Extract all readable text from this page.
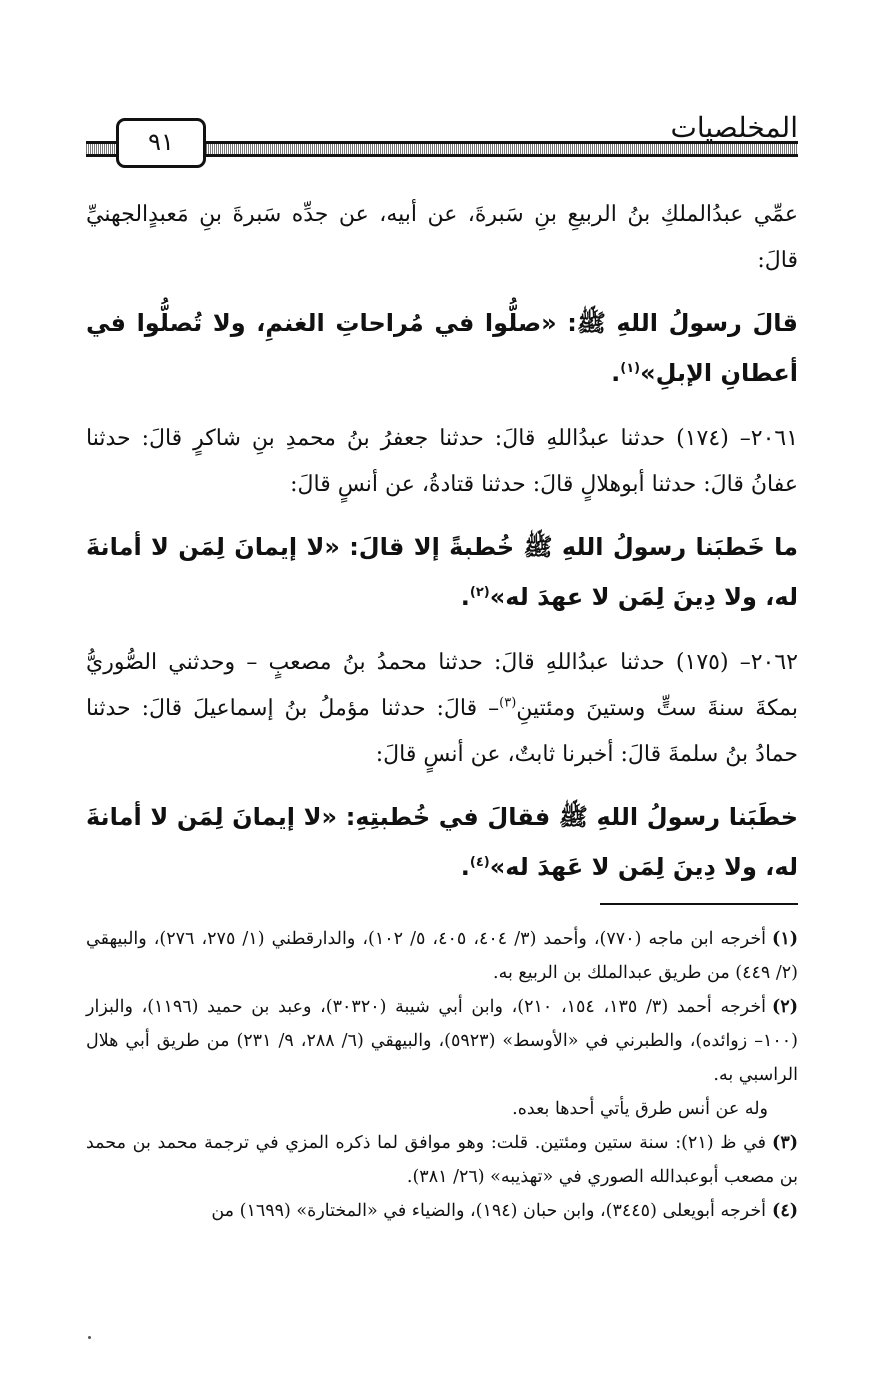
المخلصيات
٩١

عمِّي عبدُالملكِ بنُ الربيعِ بنِ سَبرةَ، عن أبيه، عن جدِّه سَبرةَ بنِ مَعبدٍالجهنيِّ قالَ:

قالَ رسولُ اللهِ ﷺ: «صلُّوا في مُراحاتِ الغنمِ، ولا تُصلُّوا في أعطانِ الإبلِ»$^{(١)}$.

٢٠٦١– (١٧٤) حدثنا عبدُاللهِ قالَ: حدثنا جعفرُ بنُ محمدِ بنِ شاكرٍ قالَ: حدثنا عفانُ قالَ: حدثنا أبوهلالٍ قالَ: حدثنا قتادةُ، عن أنسٍ قالَ:

ما خَطبَنا رسولُ اللهِ ﷺ خُطبةً إلا قالَ: «لا إيمانَ لِمَن لا أمانةَ له، ولا دِينَ لِمَن لا عهدَ له»$^{(٢)}$.

٢٠٦٢– (١٧٥) حدثنا عبدُاللهِ قالَ: حدثنا محمدُ بنُ مصعبٍ – وحدثني الصُّوريُّ بمكةَ سنةَ ستٍّ وستينَ ومئتينِ$^{(٣)}$– قالَ: حدثنا مؤملُ بنُ إسماعيلَ قالَ: حدثنا حمادُ بنُ سلمةَ قالَ: أخبرنا ثابتٌ، عن أنسٍ قالَ:

خطَبَنا رسولُ اللهِ ﷺ فقالَ في خُطبتِهِ: «لا إيمانَ لِمَن لا أمانةَ له، ولا دِينَ لِمَن لا عَهدَ له»$^{(٤)}$.

(١)أخرجه ابن ماجه (٧٧٠)، وأحمد (٣/ ٤٠٤، ٤٠٥، ٥/ ١٠٢)، والدارقطني (١/ ٢٧٥، ٢٧٦)، والبيهقي (٢/ ٤٤٩) من طريق عبدالملك بن الربيع به.

(٢)أخرجه أحمد (٣/ ١٣٥، ١٥٤، ٢١٠)، وابن أبي شيبة (٣٠٣٢٠)، وعبد بن حميد (١١٩٦)، والبزار (١٠٠– زوائده)، والطبرني في «الأوسط» (٥٩٢٣)، والبيهقي (٦/ ٢٨٨، ٩/ ٢٣١) من طريق أبي هلال الراسبي به.

وله عن أنس طرق يأتي أحدها بعده.

(٣)في ظ (٢١): سنة ستين ومئتين. قلت: وهو موافق لما ذكره المزي في ترجمة محمد بن محمد بن مصعب أبوعبدالله الصوري في «تهذيبه» (٢٦/ ٣٨١).

(٤)أخرجه أبويعلى (٣٤٤٥)، وابن حبان (١٩٤)، والضياء في «المختارة» (١٦٩٩) من
